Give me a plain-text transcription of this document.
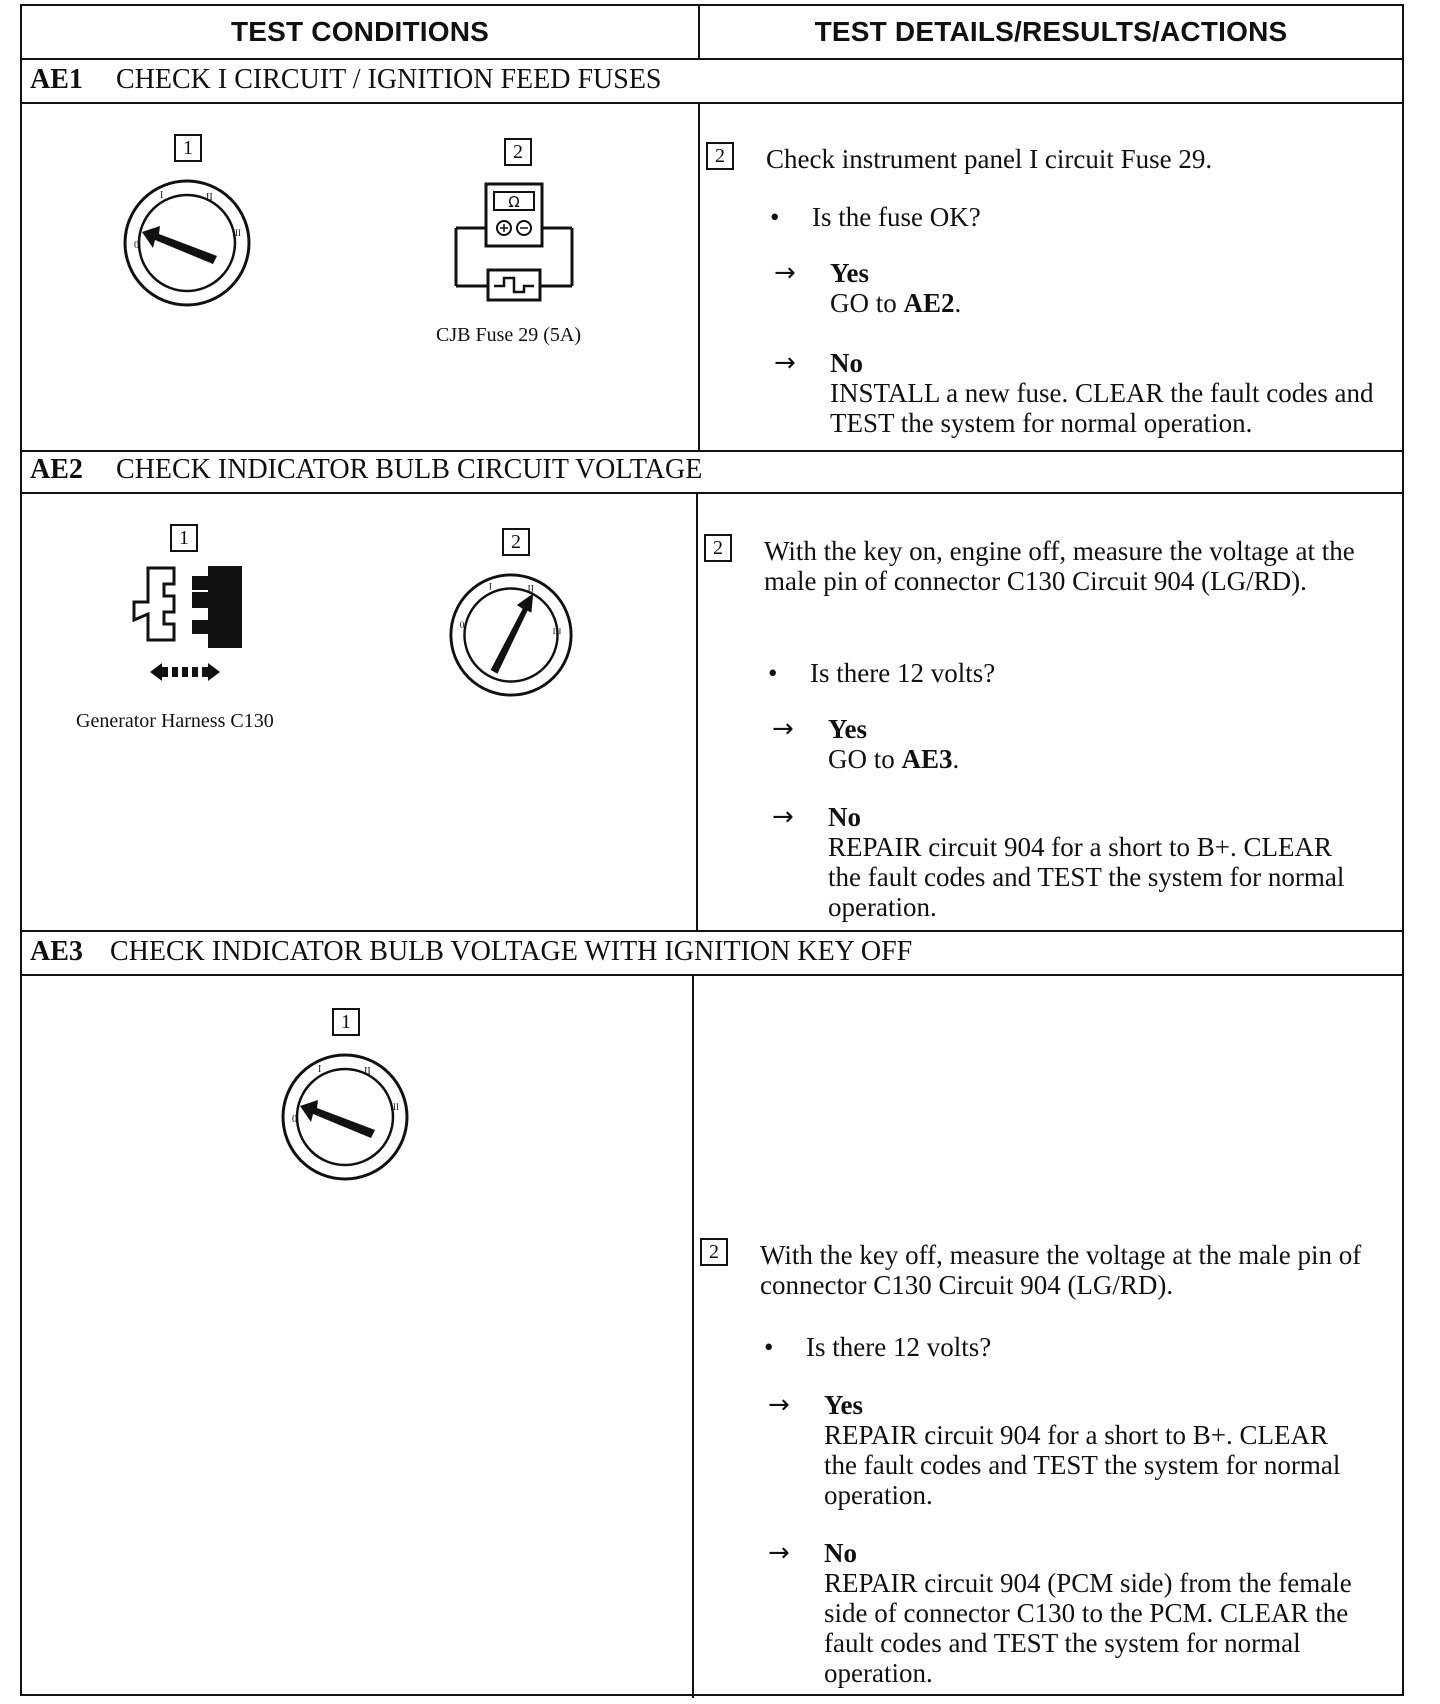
TEST CONDITIONS	TEST DETAILS/RESULTS/ACTIONS
AE1 CHECK I CIRCUIT / IGNITION FEED FUSES
1
0
I	II
III
2
Ω
CJB Fuse 29 (5A)
2	Check instrument panel I circuit Fuse 29.
• Is the fuse OK?
→ Yes
GO to AE2.
→ No
INSTALL a new fuse. CLEAR the fault codes and TEST the system for normal operation.
AE2 CHECK INDICATOR BULB CIRCUIT VOLTAGE
1
Generator Harness C130
2
0
I	II
III
2	With the key on, engine off, measure the voltage at the male pin of connector C130 Circuit 904 (LG/RD).
• Is there 12 volts?
→ Yes
GO to AE3.
→ No
REPAIR circuit 904 for a short to B+. CLEAR the fault codes and TEST the system for normal operation.
AE3 CHECK INDICATOR BULB VOLTAGE WITH IGNITION KEY OFF
1
0
I	II
III
2	With the key off, measure the voltage at the male pin of connector C130 Circuit 904 (LG/RD).
• Is there 12 volts?
→ Yes
REPAIR circuit 904 for a short to B+. CLEAR the fault codes and TEST the system for normal operation.
→ No
REPAIR circuit 904 (PCM side) from the female side of connector C130 to the PCM. CLEAR the fault codes and TEST the system for normal operation.
